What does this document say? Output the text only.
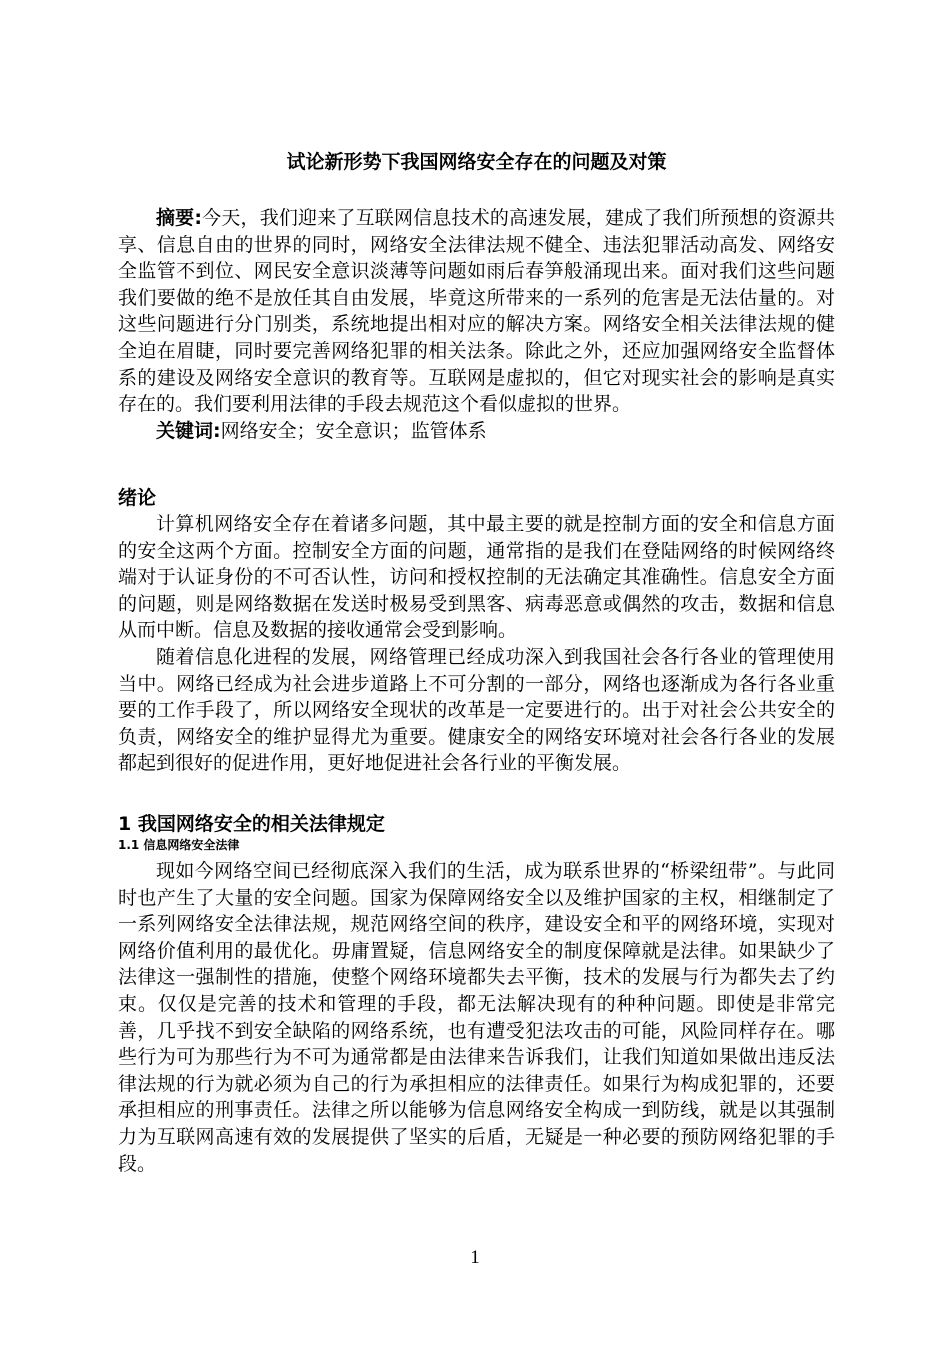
试论新形势下我国网络安全存在的问题及对策

摘要:今天，我们迎来了互联网信息技术的高速发展，建成了我们所预想的资源共享、信息自由的世界的同时，网络安全法律法规不健全、违法犯罪活动高发、网络安全监管不到位、网民安全意识淡薄等问题如雨后春笋般涌现出来。面对我们这些问题我们要做的绝不是放任其自由发展，毕竟这所带来的一系列的危害是无法估量的。对这些问题进行分门别类，系统地提出相对应的解决方案。网络安全相关法律法规的健全迫在眉睫，同时要完善网络犯罪的相关法条。除此之外，还应加强网络安全监督体系的建设及网络安全意识的教育等。互联网是虚拟的，但它对现实社会的影响是真实存在的。我们要利用法律的手段去规范这个看似虚拟的世界。

关键词:网络安全；安全意识；监管体系

绪论

计算机网络安全存在着诸多问题，其中最主要的就是控制方面的安全和信息方面的安全这两个方面。控制安全方面的问题，通常指的是我们在登陆网络的时候网络终端对于认证身份的不可否认性，访问和授权控制的无法确定其准确性。信息安全方面的问题，则是网络数据在发送时极易受到黑客、病毒恶意或偶然的攻击，数据和信息从而中断。信息及数据的接收通常会受到影响。

随着信息化进程的发展，网络管理已经成功深入到我国社会各行各业的管理使用当中。网络已经成为社会进步道路上不可分割的一部分，网络也逐渐成为各行各业重要的工作手段了，所以网络安全现状的改革是一定要进行的。出于对社会公共安全的负责，网络安全的维护显得尤为重要。健康安全的网络安环境对社会各行各业的发展都起到很好的促进作用，更好地促进社会各行业的平衡发展。

1 我国网络安全的相关法律规定
1.1 信息网络安全法律

现如今网络空间已经彻底深入我们的生活，成为联系世界的“桥梁纽带”。与此同时也产生了大量的安全问题。国家为保障网络安全以及维护国家的主权，相继制定了一系列网络安全法律法规，规范网络空间的秩序，建设安全和平的网络环境，实现对网络价值利用的最优化。毋庸置疑，信息网络安全的制度保障就是法律。如果缺少了法律这一强制性的措施，使整个网络环境都失去平衡，技术的发展与行为都失去了约束。仅仅是完善的技术和管理的手段，都无法解决现有的种种问题。即使是非常完善，几乎找不到安全缺陷的网络系统，也有遭受犯法攻击的可能，风险同样存在。哪些行为可为那些行为不可为通常都是由法律来告诉我们，让我们知道如果做出违反法律法规的行为就必须为自己的行为承担相应的法律责任。如果行为构成犯罪的，还要承担相应的刑事责任。法律之所以能够为信息网络安全构成一到防线，就是以其强制力为互联网高速有效的发展提供了坚实的后盾，无疑是一种必要的预防网络犯罪的手段。

1
